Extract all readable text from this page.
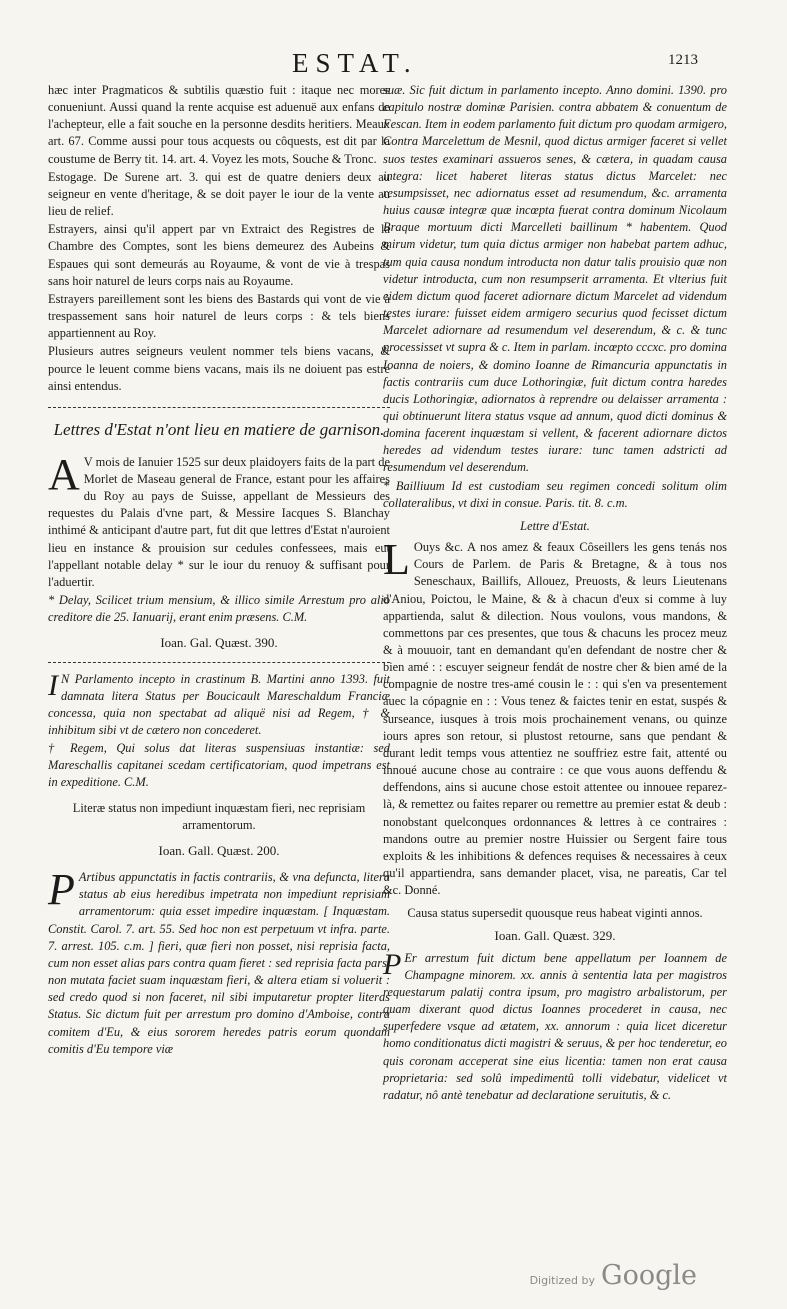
ESTAT.	1213

hæc inter Pragmaticos & subtilis quæstio fuit : itaque nec mores conueniunt. Aussi quand la rente acquise est aduenuë aux enfans de l'achepteur, elle a fait souche en la personne desdits heritiers. Meaux art. 67. Comme aussi pour tous acquests ou côquests, est dit par la coustume de Berry tit. 14. art. 4. Voyez les mots, Souche & Tronc.

Estogage. De Surene art. 3. qui est de quatre deniers deux au seigneur en vente d'heritage, & se doit payer le iour de la vente au lieu de relief.

Estrayers, ainsi qu'il appert par vn Extraict des Registres de la Chambre des Comptes, sont les biens demeurez des Aubeins & Espaues qui sont demeurás au Royaume, & vont de vie à trespas sans hoir naturel de leurs corps nais au Royaume.

Estrayers pareillement sont les biens des Bastards qui vont de vie à trespassement sans hoir naturel de leurs corps : & tels biens appartiennent au Roy.

Plusieurs autres seigneurs veulent nommer tels biens vacans, & pource le leuent comme biens vacans, mais ils ne doiuent pas estre ainsi entendus.

Lettres d'Estat n'ont lieu en matiere de garnison.

A V mois de Ianuier 1525 sur deux plaidoyers faits de la part de Morlet de Maseau general de France, estant pour les affaires du Roy au pays de Suisse, appellant de Messieurs des requestes du Palais d'vne part, & Messire Iacques S. Blanchay inthimé & anticipant d'autre part, fut dit que lettres d'Estat n'auroient lieu en instance & prouision sur cedules confessees, mais eut l'appellant notable delay * sur le iour du renuoy & suffisant pour l'aduertir.

* Delay, Scilicet trium mensium, & illico simile Arrestum pro alio creditore die 25. Ianuarij, erant enim præsens. C.M.

Ioan. Gal. Quæst. 390.

I N Parlamento incepto in crastinum B. Martini anno 1393. fuit damnata litera Status per Boucicault Mareschaldum Franciæ concessa, quia non spectabat ad aliquë nisi ad Regem, † & inhibitum sibi vt de cætero non concederet.

† Regem, Qui solus dat literas suspensiuas instantiæ: sed Mareschallis capitanei scedam certificatoriam, quod impetrans est in expeditione. C.M.

Literæ status non impediunt inquæstam fieri, nec reprisiam arramentorum.

Ioan. Gall. Quæst. 200.

P Artibus appunctatis in factis contrariis, & vna defuncta, litera status ab eius heredibus impetrata non impediunt reprisiam arramentorum: quia esset impedire inquæstam. [ Inquæstam. Constit. Carol. 7. art. 55. Sed hoc non est perpetuum vt infra. parte. 7. arrest. 105. c.m. ] fieri, quæ fieri non posset, nisi reprisia facta, cum non esset alias pars contra quam fieret : sed reprisia facta pars, non mutata faciet suam inquæstam fieri, & altera etiam si voluerit : sed credo quod si non faceret, nil sibi imputaretur propter literas Status. Sic dictum fuit per arrestum pro domino d'Amboise, contra comitem d'Eu, & eius sororem heredes patris eorum quondam comitis d'Eu tempore viæ

suæ. Sic fuit dictum in parlamento incepto. Anno domini. 1390. pro capitulo nostræ dominæ Parisien. contra abbatem & conuentum de Fescan. Item in eodem parlamento fuit dictum pro quodam armigero, Contra Marcelettum de Mesnil, quod dictus armiger faceret si vellet suos testes examinari assueros senes, & cætera, in quadam causa integra: licet haberet literas status dictus Marcelet: nec resumpsisset, nec adiornatus esset ad resumendum, &c. arramenta huius causæ integræ quæ incœpta fuerat contra dominum Nicolaum Braque mortuum dicti Marcelleti baillinum * habentem. Quod mirum videtur, tum quia dictus armiger non habebat partem adhuc, tum quia causa nondum introducta non datur talis prouisio quæ non videtur introducta, cum non resumpserit arramenta. Et vlterius fuit eidem dictum quod faceret adiornare dictum Marcelet ad videndum testes iurare: fuisset eidem armigero securius quod fecisset dictum Marcelet adiornare ad resumendum vel deserendum, & c. & tunc processisset vt supra & c. Item in parlam. incœpto cccxc. pro domina Ioanna de noiers, & domino Ioanne de Rimancuria appunctatis in factis contrariis cum duce Lothoringiæ, fuit dictum contra haredes ducis Lothoringiæ, adiornatos à reprendre ou delaisser arramenta : qui obtinuerunt litera status vsque ad annum, quod dicti dominus & domina facerent inquæstam si vellent, & facerent adiornare dictos heredes ad videndum testes iurare: tunc tamen adstricti ad resumendum vel deserendum.

* Bailliuum Id est custodiam seu regimen concedi solitum olim collateralibus, vt dixi in consue. Paris. tit. 8. c.m.

Lettre d'Estat.

L Ouys &c. A nos amez & feaux Côseillers les gens tenás nos Cours de Parlem. de Paris & Bretagne, & à tous nos Seneschaux, Baillifs, Allouez, Preuosts, & leurs Lieutenans d'Aniou, Poictou, le Maine, & & à chacun d'eux si comme à luy appartienda, salut & dilection. Nous voulons, vous mandons, & commettons par ces presentes, que tous & chacuns les procez meuz & à mouuoir, tant en demandant qu'en defendant de nostre cher & bien amé : : escuyer seigneur fendát de nostre cher & bien amé de la compagnie de nostre tres-amé cousin le : : qui s'en va presentement auec la cópagnie en : : Vous tenez & faictes tenir en estat, suspés & surseance, iusques à trois mois prochainement venans, ou quinze iours apres son retour, si plustost retourne, sans que pendant & durant ledit temps vous attentiez ne souffriez estre fait, attenté ou innoué aucune chose au contraire : ce que vous auons deffendu & deffendons, ains si aucune chose estoit attentee ou innouee reparez-là, & remettez ou faites reparer ou remettre au premier estat & deub : nonobstant quelconques ordonnances & lettres à ce contraires : mandons outre au premier nostre Huissier ou Sergent faire tous exploits & les inhibitions & defences requises & necessaires à ceux qu'il appartiendra, sans demander placet, visa, ne pareatis, Car tel &c. Donné.

Causa status supersedit quousque reus habeat viginti annos.

Ioan. Gall. Quæst. 329.

P Er arrestum fuit dictum bene appellatum per Ioannem de Champagne minorem. xx. annis à sententia lata per magistros requestarum palatij contra ipsum, pro magistro arbalistorum, per quam dixerant quod dictus Ioannes procederet in causa, nec superfedere vsque ad ætatem, xx. annorum : quia licet diceretur homo conditionatus dicti magistri & seruus, & per hoc tenderetur, eo quis coronam acceperat sine eius licentia: tamen non erat causa proprietaria: sed solû impedimentû tolli videbatur, videlicet vt radatur, nô antè tenebatur ad declaratione seruitutis, & c.

Digitized by Google
